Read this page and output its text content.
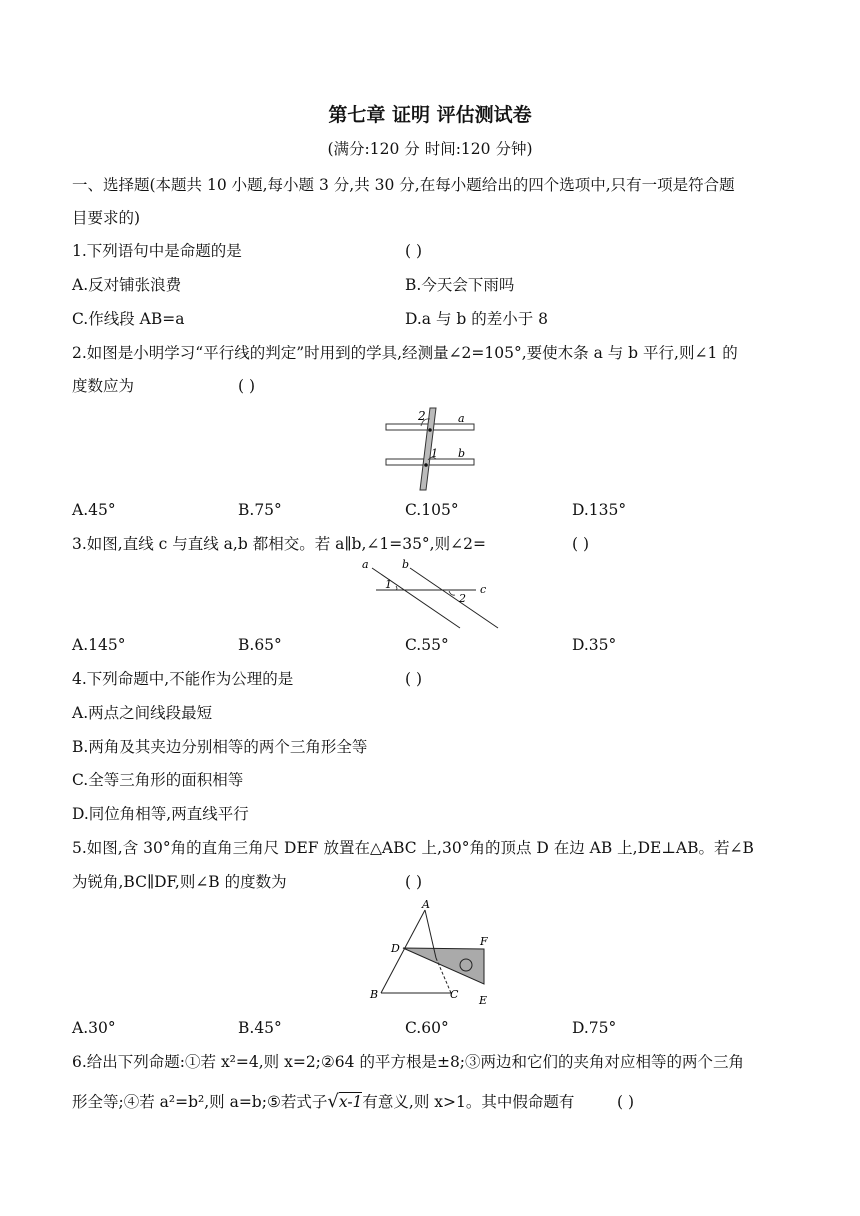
第七章 证明 评估测试卷
(满分:120 分 时间:120 分钟)
一、选择题(本题共 10 小题,每小题 3 分,共 30 分,在每小题给出的四个选项中,只有一项是符合题
目要求的)
1.下列语句中是命题的是	( )
A.反对铺张浪费	B.今天会下雨吗
C.作线段 AB=a	D.a 与 b 的差小于 8
2.如图是小明学习“平行线的判定”时用到的学具,经测量∠2=105°,要使木条 a 与 b 平行,则∠1 的
度数应为	( )
2
1
a
b
A.45°	B.75°	C.105°	D.135°
3.如图,直线 c 与直线 a,b 都相交。若 a∥b,∠1=35°,则∠2=	( )
a	b
c
1
2
A.145°	B.65°	C.55°	D.35°
4.下列命题中,不能作为公理的是	( )
A.两点之间线段最短
B.两角及其夹边分别相等的两个三角形全等
C.全等三角形的面积相等
D.同位角相等,两直线平行
5.如图,含 30°角的直角三角尺 DEF 放置在△ABC 上,30°角的顶点 D 在边 AB 上,DE⊥AB。若∠B
为锐角,BC∥DF,则∠B 的度数为	( )
A
B	C
D
E
F
A.30°	B.45°	C.60°	D.75°
6.给出下列命题:①若 x²=4,则 x=2;②64 的平方根是±8;③两边和它们的夹角对应相等的两个三角
形全等;④若 a²=b²,则 a=b;⑤若式子√x-1有意义,则 x>1。其中假命题有	( )
